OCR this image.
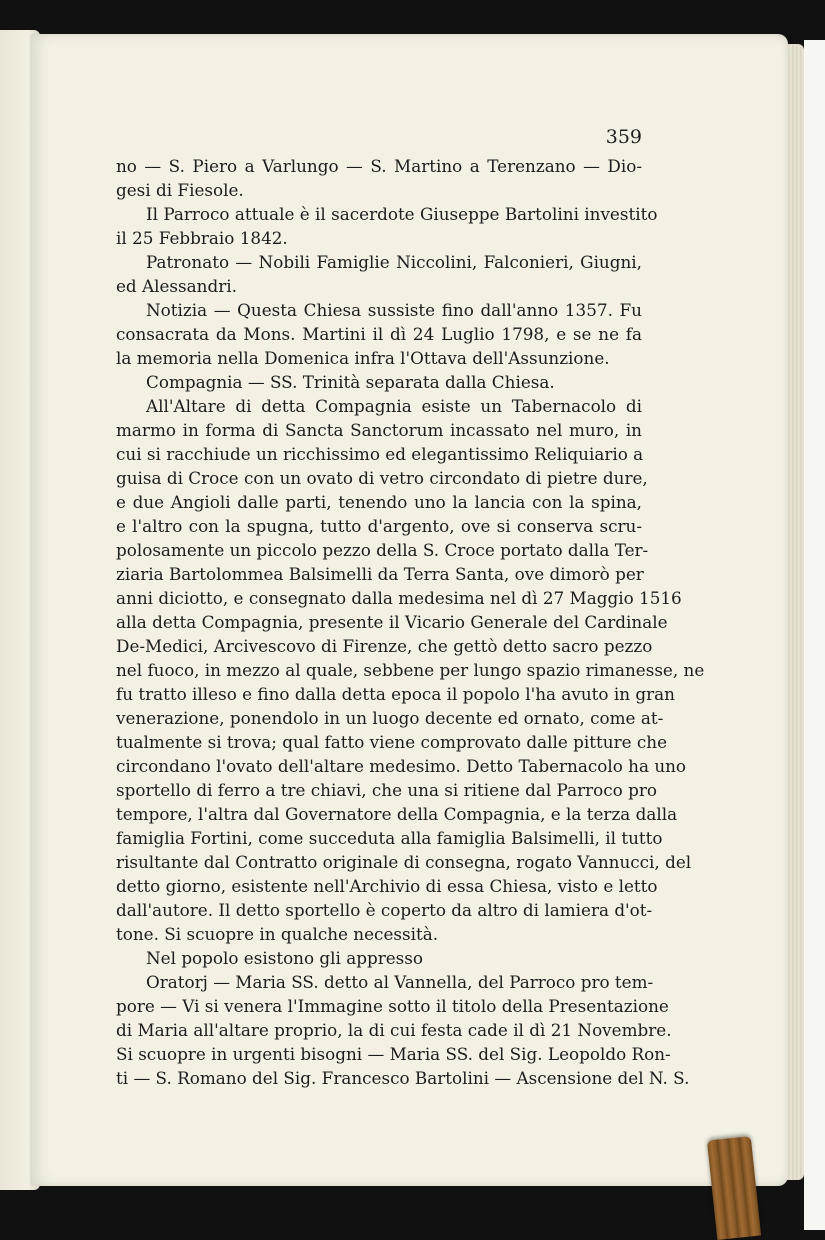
359
no — S. Piero a Varlungo — S. Martino a Terenzano — Dio-
gesi di Fiesole.
Il Parroco attuale è il sacerdote Giuseppe Bartolini investito
il 25 Febbraio 1842.
Patronato — Nobili Famiglie Niccolini, Falconieri, Giugni,
ed Alessandri.
Notizia — Questa Chiesa sussiste fino dall'anno 1357. Fu
consacrata da Mons. Martini il dì 24 Luglio 1798, e se ne fa
la memoria nella Domenica infra l'Ottava dell'Assunzione.
Compagnia — SS. Trinità separata dalla Chiesa.
All'Altare di detta Compagnia esiste un Tabernacolo di
marmo in forma di Sancta Sanctorum incassato nel muro, in
cui si racchiude un ricchissimo ed elegantissimo Reliquiario a
guisa di Croce con un ovato di vetro circondato di pietre dure,
e due Angioli dalle parti, tenendo uno la lancia con la spina,
e l'altro con la spugna, tutto d'argento, ove si conserva scru-
polosamente un piccolo pezzo della S. Croce portato dalla Ter-
ziaria Bartolommea Balsimelli da Terra Santa, ove dimorò per
anni diciotto, e consegnato dalla medesima nel dì 27 Maggio 1516
alla detta Compagnia, presente il Vicario Generale del Cardinale
De-Medici, Arcivescovo di Firenze, che gettò detto sacro pezzo
nel fuoco, in mezzo al quale, sebbene per lungo spazio rimanesse, ne
fu tratto illeso e fino dalla detta epoca il popolo l'ha avuto in gran
venerazione, ponendolo in un luogo decente ed ornato, come at-
tualmente si trova; qual fatto viene comprovato dalle pitture che
circondano l'ovato dell'altare medesimo. Detto Tabernacolo ha uno
sportello di ferro a tre chiavi, che una si ritiene dal Parroco pro
tempore, l'altra dal Governatore della Compagnia, e la terza dalla
famiglia Fortini, come succeduta alla famiglia Balsimelli, il tutto
risultante dal Contratto originale di consegna, rogato Vannucci, del
detto giorno, esistente nell'Archivio di essa Chiesa, visto e letto
dall'autore. Il detto sportello è coperto da altro di lamiera d'ot-
tone. Si scuopre in qualche necessità.
Nel popolo esistono gli appresso
Oratorj — Maria SS. detto al Vannella, del Parroco pro tem-
pore — Vi si venera l'Immagine sotto il titolo della Presentazione
di Maria all'altare proprio, la di cui festa cade il dì 21 Novembre.
Si scuopre in urgenti bisogni — Maria SS. del Sig. Leopoldo Ron-
ti — S. Romano del Sig. Francesco Bartolini — Ascensione del N. S.
